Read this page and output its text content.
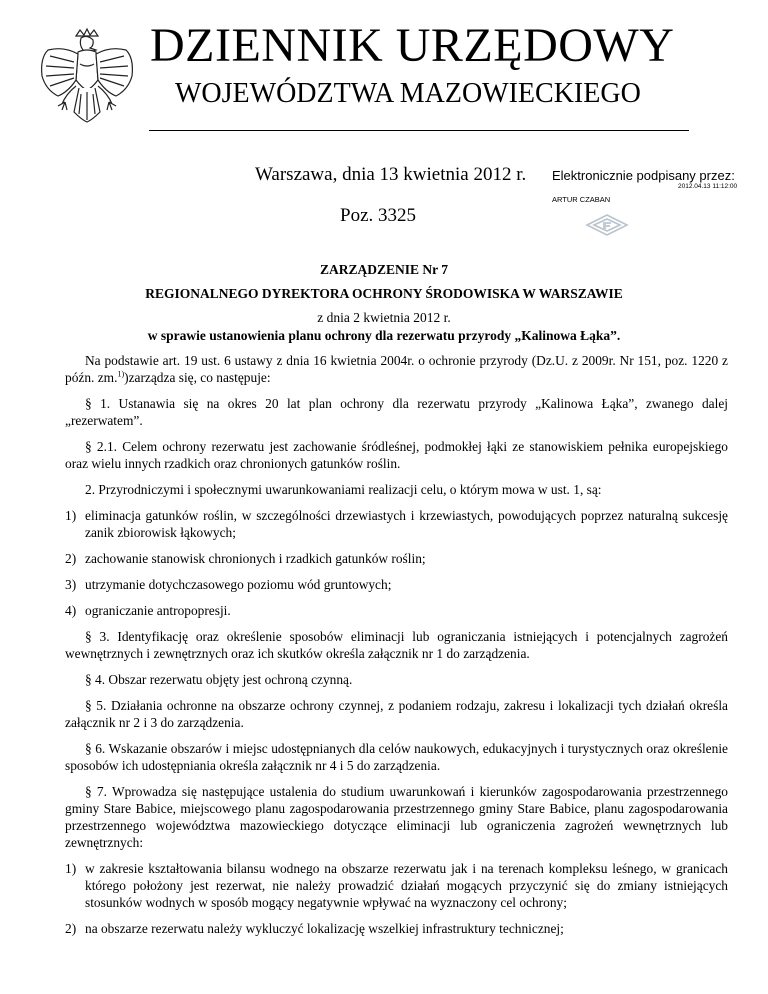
DZIENNIK URZĘDOWY
WOJEWÓDZTWA MAZOWIECKIEGO
Warszawa, dnia 13 kwietnia 2012 r.
Poz. 3325
Elektronicznie podpisany przez:
2012.04.13 11:12:00
ARTUR CZABAN
ZARZĄDZENIE Nr 7
REGIONALNEGO DYREKTORA OCHRONY ŚRODOWISKA W WARSZAWIE
z dnia 2 kwietnia 2012 r.
w sprawie ustanowienia planu ochrony dla rezerwatu przyrody „Kalinowa Łąka”.

Na podstawie art. 19 ust. 6 ustawy z dnia 16 kwietnia 2004r. o ochronie przyrody (Dz.U. z 2009r. Nr 151, poz. 1220 z późn. zm.$^{1)}$)zarządza się, co następuje:

§ 1. Ustanawia się na okres 20 lat plan ochrony dla rezerwatu przyrody „Kalinowa Łąka”, zwanego dalej „rezerwatem”.

§ 2.1. Celem ochrony rezerwatu jest zachowanie śródleśnej, podmokłej łąki ze stanowiskiem pełnika europejskiego oraz wielu innych rzadkich oraz chronionych gatunków roślin.

2. Przyrodniczymi i społecznymi uwarunkowaniami realizacji celu, o którym mowa w ust. 1, są:

1) eliminacja gatunków roślin, w szczególności drzewiastych i krzewiastych, powodujących poprzez naturalną sukcesję zanik zbiorowisk łąkowych;
2) zachowanie stanowisk chronionych i rzadkich gatunków roślin;
3) utrzymanie dotychczasowego poziomu wód gruntowych;
4) ograniczanie antropopresji.

§ 3. Identyfikację oraz określenie sposobów eliminacji lub ograniczania istniejących i potencjalnych zagrożeń wewnętrznych i zewnętrznych oraz ich skutków określa załącznik nr 1 do zarządzenia.

§ 4. Obszar rezerwatu objęty jest ochroną czynną.

§ 5. Działania ochronne na obszarze ochrony czynnej, z podaniem rodzaju, zakresu i lokalizacji tych działań określa załącznik nr 2 i 3 do zarządzenia.

§ 6. Wskazanie obszarów i miejsc udostępnianych dla celów naukowych, edukacyjnych i turystycznych oraz określenie sposobów ich udostępniania określa załącznik nr 4 i 5 do zarządzenia.

§ 7. Wprowadza się następujące ustalenia do studium uwarunkowań i kierunków zagospodarowania przestrzennego gminy Stare Babice, miejscowego planu zagospodarowania przestrzennego gminy Stare Babice, planu zagospodarowania przestrzennego województwa mazowieckiego dotyczące eliminacji lub ograniczenia zagrożeń wewnętrznych lub zewnętrznych:

1) w zakresie kształtowania bilansu wodnego na obszarze rezerwatu jak i na terenach kompleksu leśnego, w granicach którego położony jest rezerwat, nie należy prowadzić działań mogących przyczynić się do zmiany istniejących stosunków wodnych w sposób mogący negatywnie wpływać na wyznaczony cel ochrony;
2) na obszarze rezerwatu należy wykluczyć lokalizację wszelkiej infrastruktury technicznej;
